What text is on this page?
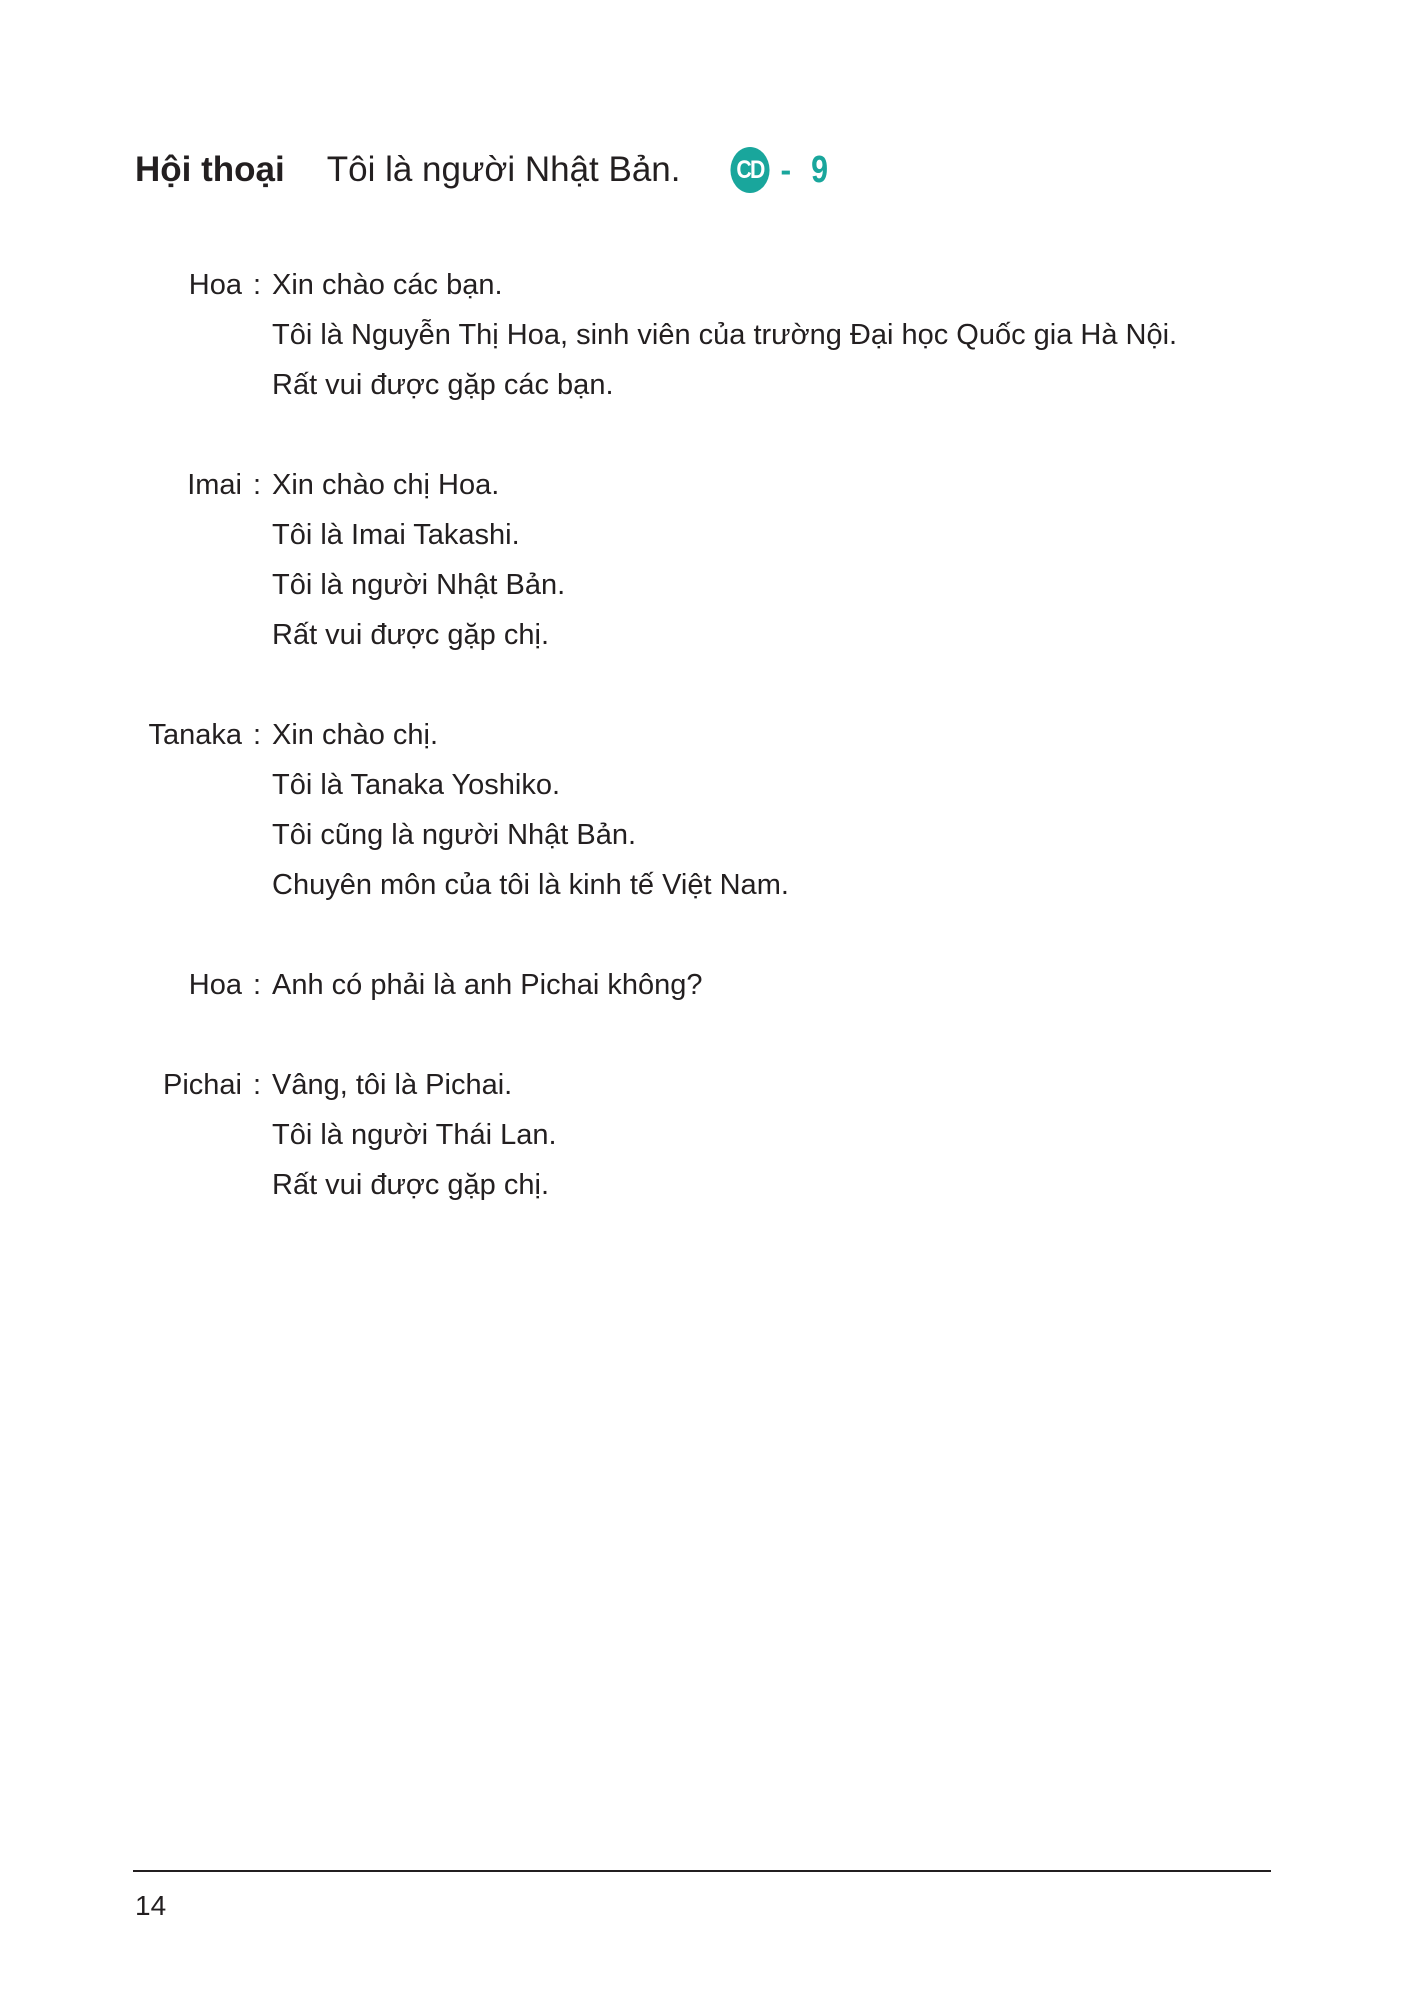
Hội thoại Tôi là người Nhật Bản. CD - 9
Hoa : Xin chào các bạn.
Tôi là Nguyễn Thị Hoa, sinh viên của trường Đại học Quốc gia Hà Nội.
Rất vui được gặp các bạn.
Imai : Xin chào chị Hoa.
Tôi là Imai Takashi.
Tôi là người Nhật Bản.
Rất vui được gặp chị.
Tanaka : Xin chào chị.
Tôi là Tanaka Yoshiko.
Tôi cũng là người Nhật Bản.
Chuyên môn của tôi là kinh tế Việt Nam.
Hoa : Anh có phải là anh Pichai không?
Pichai : Vâng, tôi là Pichai.
Tôi là người Thái Lan.
Rất vui được gặp chị.
14
